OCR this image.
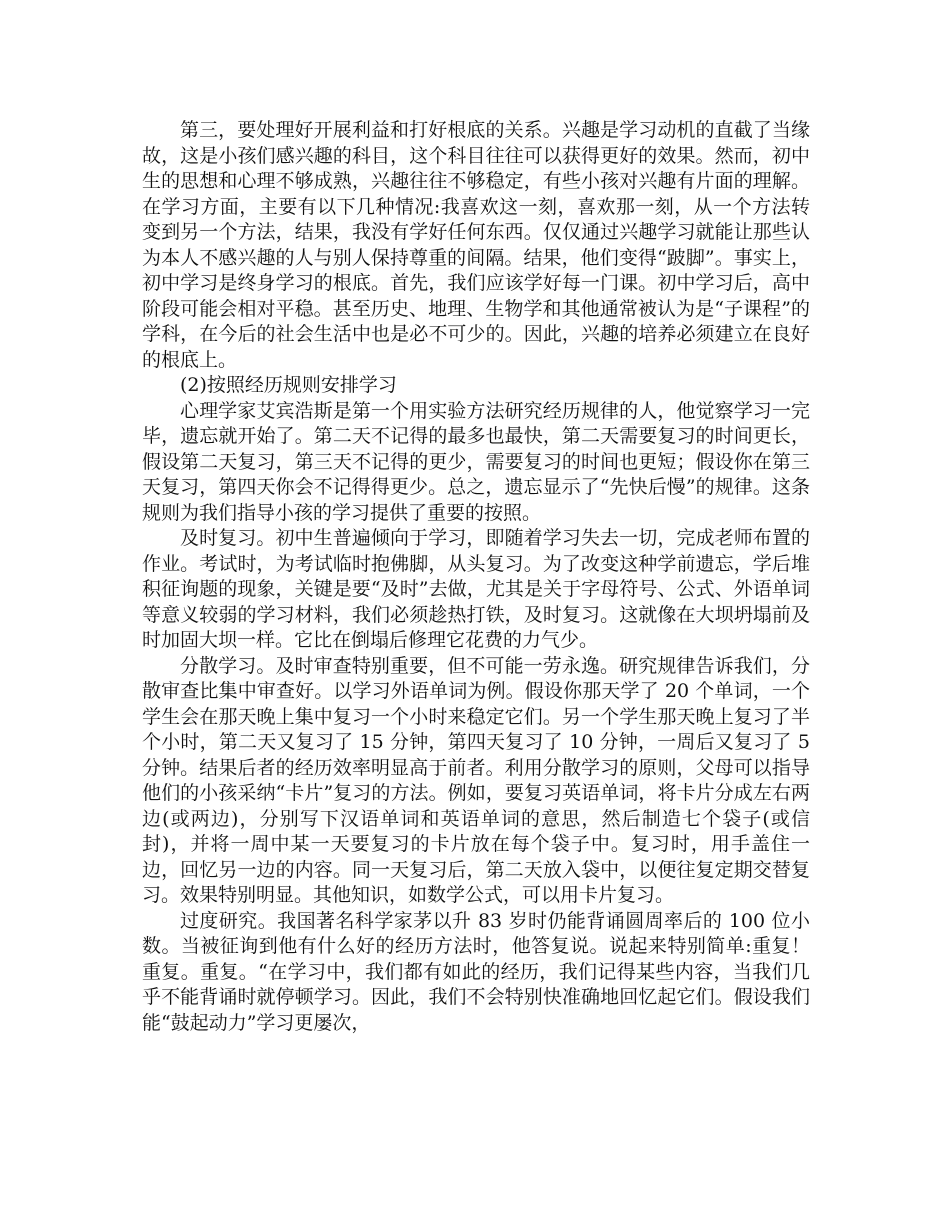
第三，要处理好开展利益和打好根底的关系。兴趣是学习动机的直截了当缘故，这是小孩们感兴趣的科目，这个科目往往可以获得更好的效果。然而，初中生的思想和心理不够成熟，兴趣往往不够稳定，有些小孩对兴趣有片面的理解。在学习方面，主要有以下几种情况:我喜欢这一刻，喜欢那一刻，从一个方法转变到另一个方法，结果，我没有学好任何东西。仅仅通过兴趣学习就能让那些认为本人不感兴趣的人与别人保持尊重的间隔。结果，他们变得“跛脚”。事实上，初中学习是终身学习的根底。首先，我们应该学好每一门课。初中学习后，高中阶段可能会相对平稳。甚至历史、地理、生物学和其他通常被认为是“子课程”的学科，在今后的社会生活中也是必不可少的。因此，兴趣的培养必须建立在良好的根底上。

(2)按照经历规则安排学习

心理学家艾宾浩斯是第一个用实验方法研究经历规律的人，他觉察学习一完毕，遗忘就开始了。第二天不记得的最多也最快，第二天需要复习的时间更长，假设第二天复习，第三天不记得的更少，需要复习的时间也更短；假设你在第三天复习，第四天你会不记得得更少。总之，遗忘显示了“先快后慢”的规律。这条规则为我们指导小孩的学习提供了重要的按照。

及时复习。初中生普遍倾向于学习，即随着学习失去一切，完成老师布置的作业。考试时，为考试临时抱佛脚，从头复习。为了改变这种学前遗忘，学后堆积征询题的现象，关键是要“及时”去做，尤其是关于字母符号、公式、外语单词等意义较弱的学习材料，我们必须趁热打铁，及时复习。这就像在大坝坍塌前及时加固大坝一样。它比在倒塌后修理它花费的力气少。

分散学习。及时审查特别重要，但不可能一劳永逸。研究规律告诉我们，分散审查比集中审查好。以学习外语单词为例。假设你那天学了 20 个单词，一个学生会在那天晚上集中复习一个小时来稳定它们。另一个学生那天晚上复习了半个小时，第二天又复习了 15 分钟，第四天复习了 10 分钟，一周后又复习了 5 分钟。结果后者的经历效率明显高于前者。利用分散学习的原则，父母可以指导他们的小孩采纳“卡片”复习的方法。例如，要复习英语单词，将卡片分成左右两边(或两边)，分别写下汉语单词和英语单词的意思，然后制造七个袋子(或信封)，并将一周中某一天要复习的卡片放在每个袋子中。复习时，用手盖住一边，回忆另一边的内容。同一天复习后，第二天放入袋中，以便往复定期交替复习。效果特别明显。其他知识，如数学公式，可以用卡片复习。

过度研究。我国著名科学家茅以升 83 岁时仍能背诵圆周率后的 100 位小数。当被征询到他有什么好的经历方法时，他答复说。说起来特别简单:重复！重复。重复。“在学习中，我们都有如此的经历，我们记得某些内容，当我们几乎不能背诵时就停顿学习。因此，我们不会特别快准确地回忆起它们。假设我们能“鼓起动力”学习更屡次，
